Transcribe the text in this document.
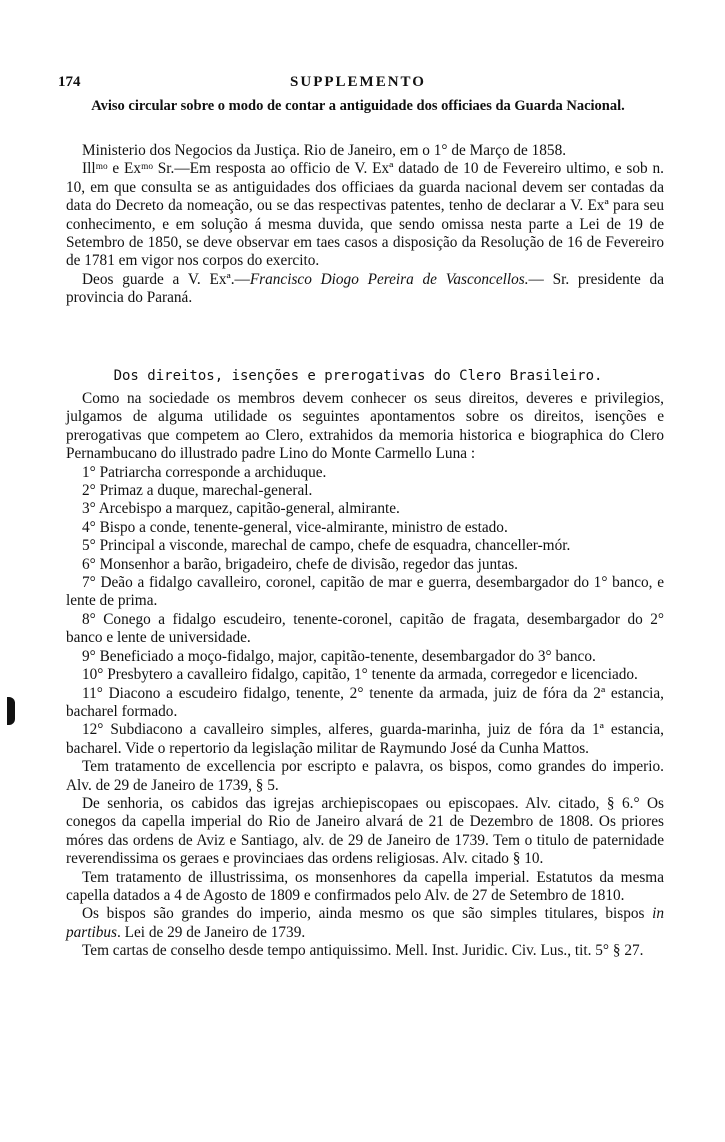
174	SUPPLEMENTO
Aviso circular sobre o modo de contar a antiguidade dos officiaes da Guarda Nacional.

Ministerio dos Negocios da Justiça. Rio de Janeiro, em o 1° de Março de 1858.

Illᵐᵒ e Exᵐᵒ Sr.—Em resposta ao officio de V. Exª datado de 10 de Fevereiro ultimo, e sob n. 10, em que consulta se as antiguidades dos officiaes da guarda nacional devem ser contadas da data do Decreto da nomeação, ou se das respectivas patentes, tenho de declarar a V. Exª para seu conhecimento, e em solução á mesma duvida, que sendo omissa nesta parte a Lei de 19 de Setembro de 1850, se deve observar em taes casos a disposição da Resolução de 16 de Fevereiro de 1781 em vigor nos corpos do exercito.

Deos guarde a V. Exª.—Francisco Diogo Pereira de Vasconcellos.— Sr. presidente da provincia do Paraná.

Dos direitos, isenções e prerogativas do Clero Brasileiro.

Como na sociedade os membros devem conhecer os seus direitos, deveres e privilegios, julgamos de alguma utilidade os seguintes apontamentos sobre os direitos, isenções e prerogativas que competem ao Clero, extrahidos da memoria historica e biographica do Clero Pernambucano do illustrado padre Lino do Monte Carmello Luna :

1° Patriarcha corresponde a archiduque.

2° Primaz a duque, marechal-general.

3° Arcebispo a marquez, capitão-general, almirante.

4° Bispo a conde, tenente-general, vice-almirante, ministro de estado.

5° Principal a visconde, marechal de campo, chefe de esquadra, chanceller-mór.

6° Monsenhor a barão, brigadeiro, chefe de divisão, regedor das juntas.

7° Deão a fidalgo cavalleiro, coronel, capitão de mar e guerra, desembargador do 1° banco, e lente de prima.

8° Conego a fidalgo escudeiro, tenente-coronel, capitão de fragata, desembargador do 2° banco e lente de universidade.

9° Beneficiado a moço-fidalgo, major, capitão-tenente, desembargador do 3° banco.

10° Presbytero a cavalleiro fidalgo, capitão, 1° tenente da armada, corregedor e licenciado.

11° Diacono a escudeiro fidalgo, tenente, 2° tenente da armada, juiz de fóra da 2ª estancia, bacharel formado.

12° Subdiacono a cavalleiro simples, alferes, guarda-marinha, juiz de fóra da 1ª estancia, bacharel. Vide o repertorio da legislação militar de Raymundo José da Cunha Mattos.

Tem tratamento de excellencia por escripto e palavra, os bispos, como grandes do imperio. Alv. de 29 de Janeiro de 1739, § 5.

De senhoria, os cabidos das igrejas archiepiscopaes ou episcopaes. Alv. citado, § 6.° Os conegos da capella imperial do Rio de Janeiro alvará de 21 de Dezembro de 1808. Os priores móres das ordens de Aviz e Santiago, alv. de 29 de Janeiro de 1739. Tem o titulo de paternidade reverendissima os geraes e provinciaes das ordens religiosas. Alv. citado § 10.

Tem tratamento de illustrissima, os monsenhores da capella imperial. Estatutos da mesma capella datados a 4 de Agosto de 1809 e confirmados pelo Alv. de 27 de Setembro de 1810.

Os bispos são grandes do imperio, ainda mesmo os que são simples titulares, bispos in partibus. Lei de 29 de Janeiro de 1739.

Tem cartas de conselho desde tempo antiquissimo. Mell. Inst. Juridic. Civ. Lus., tit. 5° § 27.
